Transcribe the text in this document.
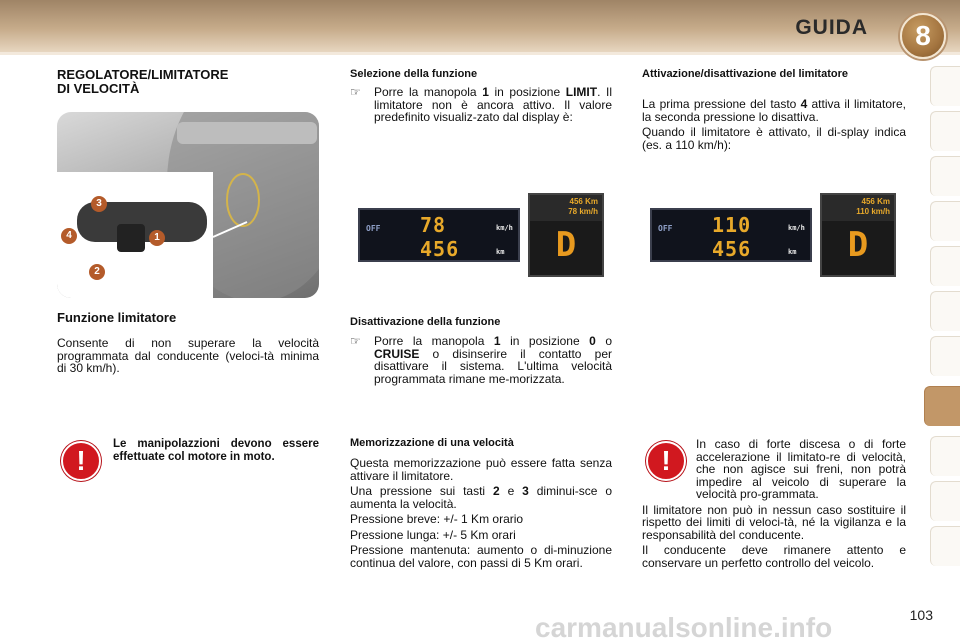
GUIDA	8
REGOLATORE/LIMITATORE
DI VELOCITÀ
1
2
3
4
Funzione limitatore

Consente di non superare la velocità programmata dal conducente (veloci-tà minima di 30 km/h).

!

Le manipolazzioni devono essere effettuate col motore in moto.

Selezione della funzione
☞	Porre la manopola 1 in posizione LIMIT. Il limitatore non è ancora attivo. Il valore predefinito visualiz-zato dal display è:
OFF 78
456
km/h
km
456 Km
78 km/h
D
Disattivazione della funzione
☞	Porre la manopola 1 in posizione 0 o CRUISE o disinserire il contatto per disattivare il sistema. L'ultima velocità programmata rimane me-morizzata.
Memorizzazione di una velocità

Questa memorizzazione può essere fatta senza attivare il limitatore.

Una pressione sui tasti 2 e 3 diminui-sce o aumenta la velocità.

Pressione breve: +/- 1 Km orario

Pressione lunga: +/- 5 Km orari

Pressione mantenuta: aumento o di-minuzione continua del valore, con passi di 5 Km orari.

Attivazione/disattivazione del limitatore

La prima pressione del tasto 4 attiva il limitatore, la seconda pressione lo disattiva.

Quando il limitatore è attivato, il di-splay indica (es. a 110 km/h):

OFF 110
456
km/h
km
456 Km
110 km/h
D
!

In caso di forte discesa o di forte accelerazione il limitato-re di velocità, che non agisce sui freni, non potrà impedire al veicolo di superare la velocità pro-grammata.

Il limitatore non può in nessun caso sostituire il rispetto dei limiti di veloci-tà, né la vigilanza e la responsabilità del conducente.

Il conducente deve rimanere attento e conservare un perfetto controllo del veicolo.

103
carmanualsonline.info
